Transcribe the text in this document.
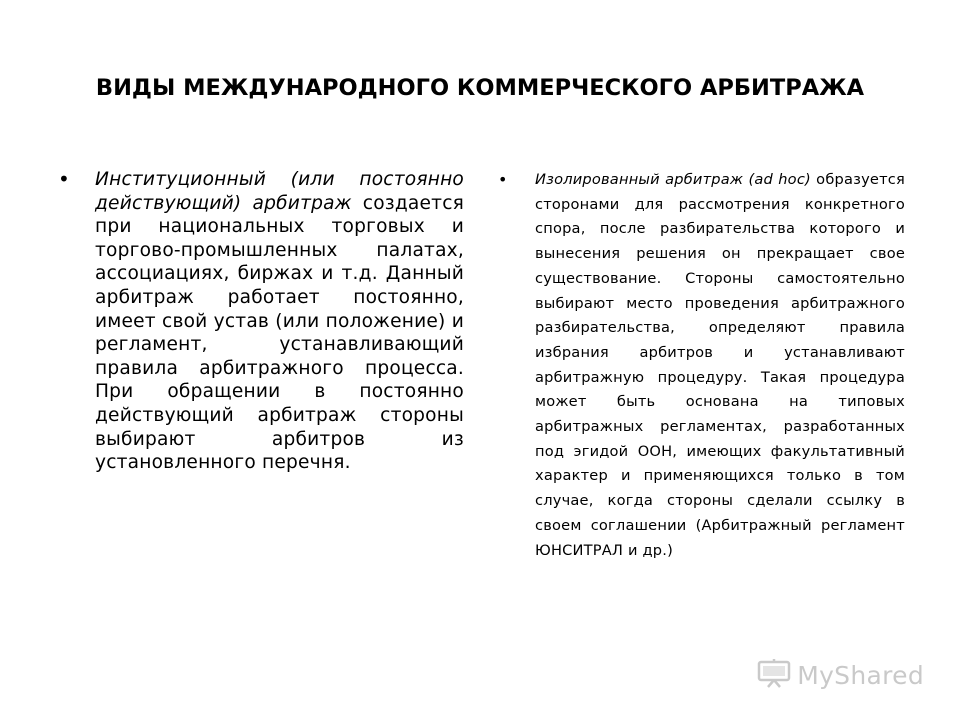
ВИДЫ МЕЖДУНАРОДНОГО КОММЕРЧЕСКОГО АРБИТРАЖА

• Институционный (или постоянно действующий) арбитраж создается при национальных торговых и торгово-промышленных палатах, ассоциациях, биржах и т.д. Данный арбитраж работает постоянно, имеет свой устав (или положение) и регламент, устанавливающий правила арбитражного процесса. При обращении в постоянно действующий арбитраж стороны выбирают арбитров из установленного перечня.

• Изолированный арбитраж (ad hoc) образуется сторонами для рассмотрения конкретного спора, после разбирательства которого и вынесения решения он прекращает свое существование. Стороны самостоятельно выбирают место проведения арбитражного разбирательства, определяют правила избрания арбитров и устанавливают арбитражную процедуру. Такая процедура может быть основана на типовых арбитражных регламентах, разработанных под эгидой ООН, имеющих факультативный характер и применяющихся только в том случае, когда стороны сделали ссылку в своем соглашении (Арбитражный регламент ЮНСИТРАЛ и др.)

MyShared
